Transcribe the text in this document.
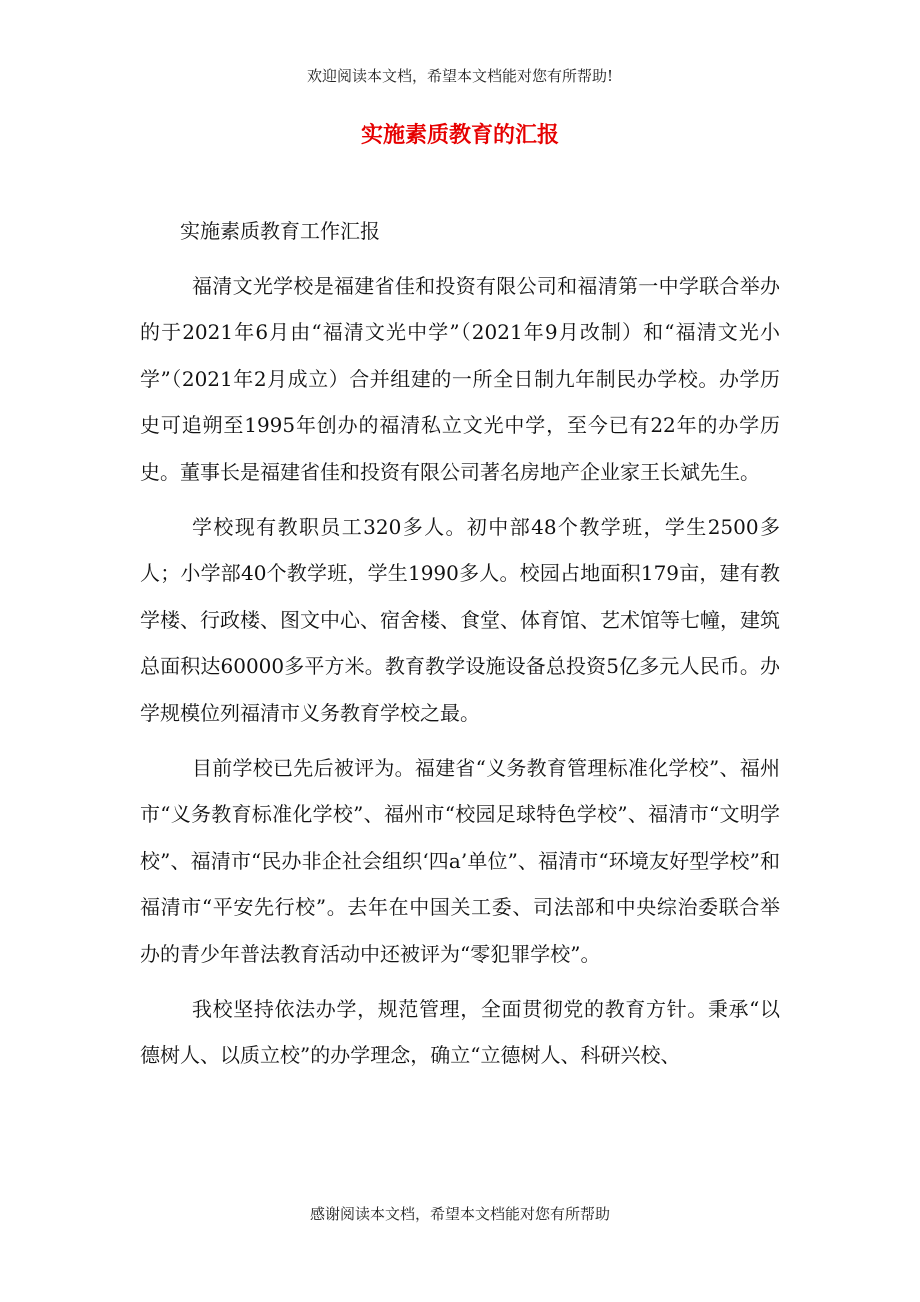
欢迎阅读本文档，希望本文档能对您有所帮助!
实施素质教育的汇报

实施素质教育工作汇报

福清文光学校是福建省佳和投资有限公司和福清第一中学联合举办的于2021年6月由“福清文光中学”（2021年9月改制）和“福清文光小学”（2021年2月成立）合并组建的一所全日制九年制民办学校。办学历史可追朔至1995年创办的福清私立文光中学，至今已有22年的办学历史。董事长是福建省佳和投资有限公司著名房地产企业家王长斌先生。

学校现有教职员工320多人。初中部48个教学班，学生2500多人；小学部40个教学班，学生1990多人。校园占地面积179亩，建有教学楼、行政楼、图文中心、宿舍楼、食堂、体育馆、艺术馆等七幢，建筑总面积达60000多平方米。教育教学设施设备总投资5亿多元人民币。办学规模位列福清市义务教育学校之最。

目前学校已先后被评为。福建省“义务教育管理标准化学校”、福州市“义务教育标准化学校”、福州市“校园足球特色学校”、福清市“文明学校”、福清市“民办非企社会组织‘四a’单位”、福清市“环境友好型学校”和福清市“平安先行校”。去年在中国关工委、司法部和中央综治委联合举办的青少年普法教育活动中还被评为“零犯罪学校”。

我校坚持依法办学，规范管理，全面贯彻党的教育方针。秉承“以德树人、以质立校”的办学理念，确立“立德树人、科研兴校、

感谢阅读本文档，希望本文档能对您有所帮助
